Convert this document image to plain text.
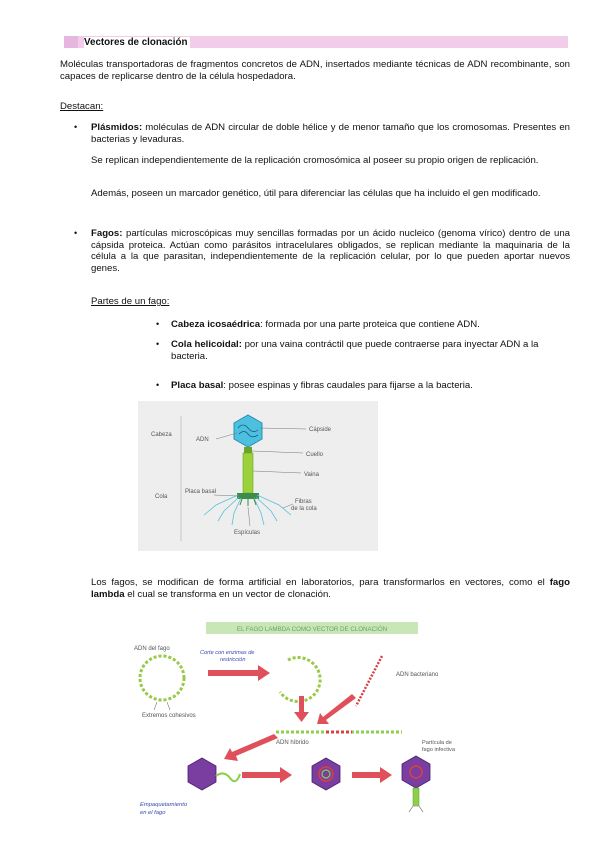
Vectores de clonación

Moléculas transportadoras de fragmentos concretos de ADN, insertados mediante técnicas de ADN recombinante, son capaces de replicarse dentro de la célula hospedadora.

Destacan:

• Plásmidos: moléculas de ADN circular de doble hélice y de menor tamaño que los cromosomas. Presentes en bacterias y levaduras.

Se replican independientemente de la replicación cromosómica al poseer su propio origen de replicación.

Además, poseen un marcador genético, útil para diferenciar las células que ha incluido el gen modificado.

• Fagos: partículas microscópicas muy sencillas formadas por un ácido nucleico (genoma vírico) dentro de una cápsida proteica. Actúan como parásitos intracelulares obligados, se replican mediante la maquinaria de la célula a la que parasitan, independientemente de la replicación celular, por lo que pueden aportar nuevos genes.

Partes de un fago:

• Cabeza icosaédrica: formada por una parte proteica que contiene ADN.

• Cola helicoidal: por una vaina contráctil que puede contraerse para inyectar ADN a la bacteria.

• Placa basal: posee espinas y fibras caudales para fijarse a la bacteria.

Cabeza
Cola
Cápside
ADN
Cuello
Vaina
Placa basal
Fibras
de la cola
Espículas

Los fagos, se modifican de forma artificial en laboratorios, para transformarlos en vectores, como el fago lambda el cual se transforma en un vector de clonación.

EL FAGO LAMBDA COMO VECTOR DE CLONACIÓN
ADN del fago
Extremos cohesivos
Corte con enzimas de
restricción
ADN bacteriano
ADN híbrido
Empaquetamiento
en el fago
Partícula de
fago infectiva
